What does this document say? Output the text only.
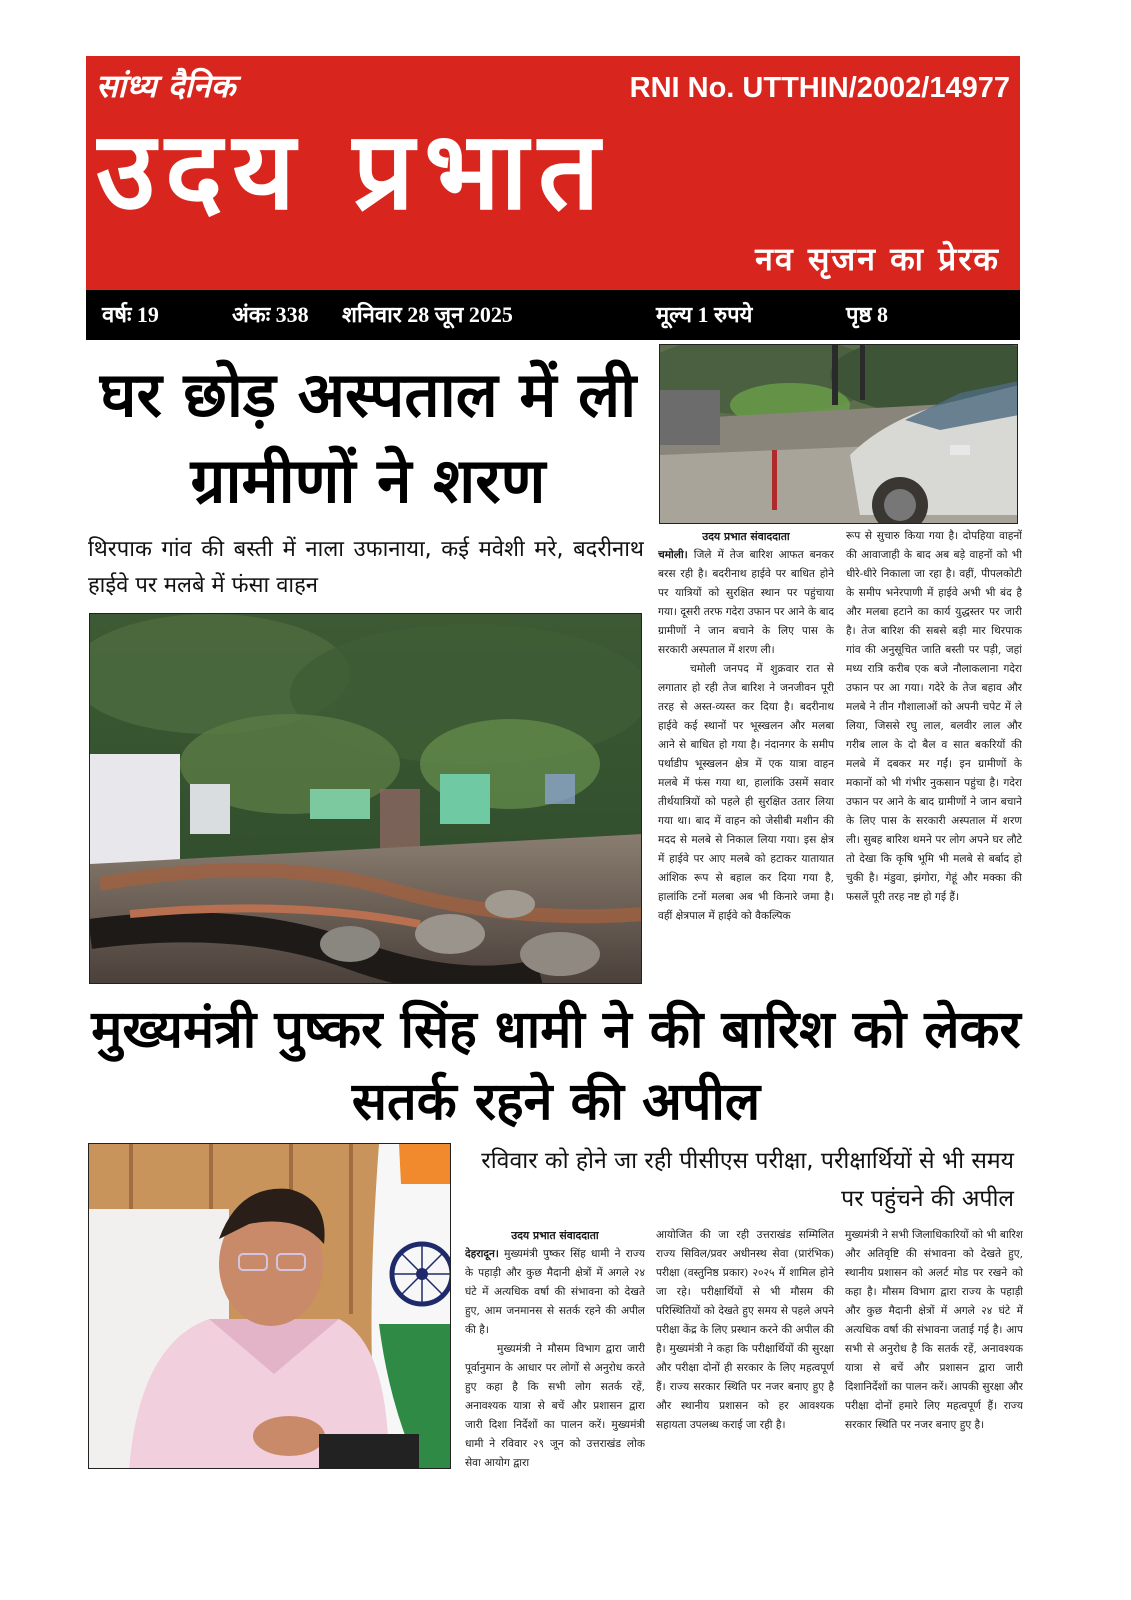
सांध्य दैनिक	RNI No. UTTHIN/2002/14977
उदय प्रभात
नव सृजन का प्रेरक
वर्षः 19	अंकः 338 शनिवार 28 जून 2025	मूल्य 1 रुपये	पृष्ठ 8
घर छोड़ अस्पताल में ली ग्रामीणों ने शरण
थिरपाक गांव की बस्ती में नाला उफानाया, कई मवेशी मरे, बदरीनाथ हाईवे पर मलबे में फंसा वाहन

उदय प्रभात संवाददाता

चमोली। जिले में तेज बारिश आफत बनकर बरस रही है। बदरीनाथ हाईवे पर बाधित होने पर यात्रियों को सुरक्षित स्थान पर पहुंचाया गया। दूसरी तरफ गदेरा उफान पर आने के बाद ग्रामीणों ने जान बचाने के लिए पास के सरकारी अस्पताल में शरण ली।

चमोली जनपद में शुक्रवार रात से लगातार हो रही तेज बारिश ने जनजीवन पूरी तरह से अस्त-व्यस्त कर दिया है। बदरीनाथ हाईवे कई स्थानों पर भूस्खलन और मलबा आने से बाधित हो गया है। नंदानगर के समीप पर्थाडीप भूस्खलन क्षेत्र में एक यात्रा वाहन मलबे में फंस गया था, हालांकि उसमें सवार तीर्थयात्रियों को पहले ही सुरक्षित उतार लिया गया था। बाद में वाहन को जेसीबी मशीन की मदद से मलबे से निकाल लिया गया। इस क्षेत्र में हाईवे पर आए मलबे को हटाकर यातायात आंशिक रूप से बहाल कर दिया गया है, हालांकि टनों मलबा अब भी किनारे जमा है। वहीं क्षेत्रपाल में हाईवे को वैकल्पिक

रूप से सुचारु किया गया है। दोपहिया वाहनों की आवाजाही के बाद अब बड़े वाहनों को भी धीरे-धीरे निकाला जा रहा है। वहीं, पीपलकोटी के समीप भनेरपाणी में हाईवे अभी भी बंद है और मलबा हटाने का कार्य युद्धस्तर पर जारी है। तेज बारिश की सबसे बड़ी मार थिरपाक गांव की अनुसूचित जाति बस्ती पर पड़ी, जहां मध्य रात्रि करीब एक बजे नौलाकलाना गदेरा उफान पर आ गया। गदेरे के तेज बहाव और मलबे ने तीन गौशालाओं को अपनी चपेट में ले लिया, जिससे रघु लाल, बलवीर लाल और गरीब लाल के दो बैल व सात बकरियों की मलबे में दबकर मर गईं। इन ग्रामीणों के मकानों को भी गंभीर नुकसान पहुंचा है। गदेरा उफान पर आने के बाद ग्रामीणों ने जान बचाने के लिए पास के सरकारी अस्पताल में शरण ली। सुबह बारिश थमने पर लोग अपने घर लौटे तो देखा कि कृषि भूमि भी मलबे से बर्बाद हो चुकी है। मंडुवा, झंगोरा, गेहूं और मक्का की फसलें पूरी तरह नष्ट हो गई हैं।

मुख्यमंत्री पुष्कर सिंह धामी ने की बारिश को लेकर सतर्क रहने की अपील
रविवार को होने जा रही पीसीएस परीक्षा, परीक्षार्थियों से भी समय पर पहुंचने की अपील

उदय प्रभात संवाददाता

देहरादून। मुख्यमंत्री पुष्कर सिंह धामी ने राज्य के पहाड़ी और कुछ मैदानी क्षेत्रों में अगले २४ घंटे में अत्यधिक वर्षा की संभावना को देखते हुए, आम जनमानस से सतर्क रहने की अपील की है।

मुख्यमंत्री ने मौसम विभाग द्वारा जारी पूर्वानुमान के आधार पर लोगों से अनुरोध करते हुए कहा है कि सभी लोग सतर्क रहें, अनावश्यक यात्रा से बचें और प्रशासन द्वारा जारी दिशा निर्देशों का पालन करें। मुख्यमंत्री धामी ने रविवार २९ जून को उत्तराखंड लोक सेवा आयोग द्वारा

आयोजित की जा रही उत्तराखंड सम्मिलित राज्य सिविल/प्रवर अधीनस्थ सेवा (प्रारंभिक) परीक्षा (वस्तुनिष्ठ प्रकार) २०२५ में शामिल होने जा रहे। परीक्षार्थियों से भी मौसम की परिस्थितियों को देखते हुए समय से पहले अपने परीक्षा केंद्र के लिए प्रस्थान करने की अपील की है। मुख्यमंत्री ने कहा कि परीक्षार्थियों की सुरक्षा और परीक्षा दोनों ही सरकार के लिए महत्वपूर्ण हैं। राज्य सरकार स्थिति पर नजर बनाए हुए है और स्थानीय प्रशासन को हर आवश्यक सहायता उपलब्ध कराई जा रही है।

मुख्यमंत्री ने सभी जिलाधिकारियों को भी बारिश और अतिवृष्टि की संभावना को देखते हुए, स्थानीय प्रशासन को अलर्ट मोड पर रखने को कहा है। मौसम विभाग द्वारा राज्य के पहाड़ी और कुछ मैदानी क्षेत्रों में अगले २४ घंटे में अत्यधिक वर्षा की संभावना जताई गई है। आप सभी से अनुरोध है कि सतर्क रहें, अनावश्यक यात्रा से बचें और प्रशासन द्वारा जारी दिशानिर्देशों का पालन करें। आपकी सुरक्षा और परीक्षा दोनों हमारे लिए महत्वपूर्ण हैं। राज्य सरकार स्थिति पर नजर बनाए हुए है।
